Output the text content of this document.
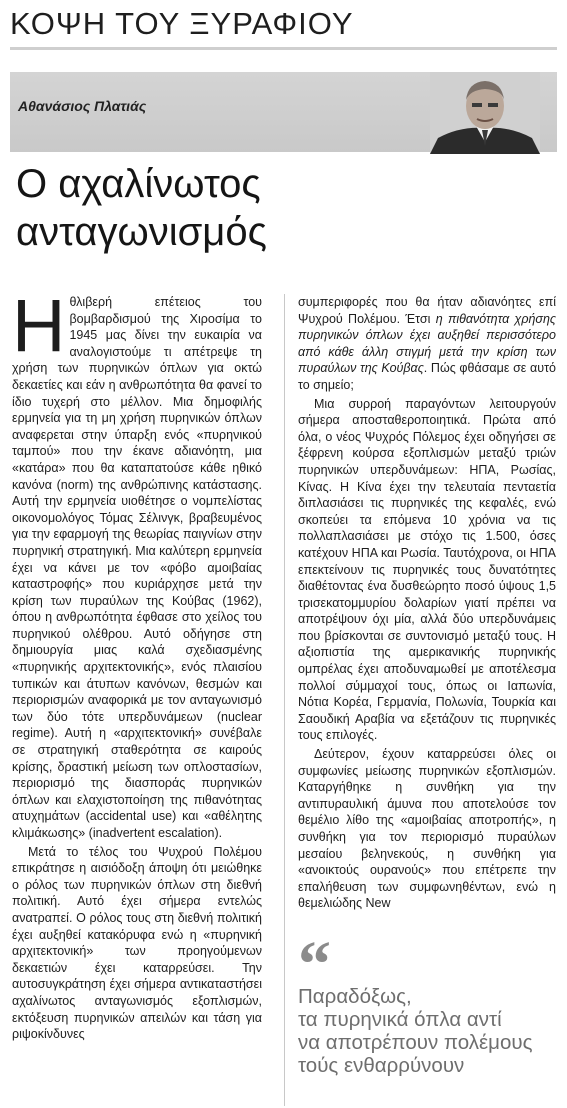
ΚΟΨΗ ΤΟΥ ΞΥΡΑΦΙΟΥ
Αθανάσιος Πλατιάς
Ο αχαλίνωτος
ανταγωνισμός

Ηθλιβερή επέτειος του βομβαρδισμού της Χιροσίμα το 1945 μας δίνει την ευκαιρία να αναλογιστούμε τι απέτρεψε τη χρήση των πυρηνικών όπλων για οκτώ δεκαετίες και εάν η ανθρωπότητα θα φανεί το ίδιο τυχερή στο μέλλον. Μια δημοφιλής ερμηνεία για τη μη χρήση πυρηνικών όπλων αναφερεται στην ύπαρξη ενός «πυρηνικού ταμπού» που την έκανε αδιανόητη, μια «κατάρα» που θα καταπατούσε κάθε ηθικό κανόνα (norm) της ανθρώπινης κατάστασης. Αυτή την ερμηνεία υιοθέτησε ο νομπελίστας οικονομολόγος Τόμας Σέλινγκ, βραβευμένος για την εφαρμογή της θεωρίας παιγνίων στην πυρηνική στρατηγική. Μια καλύτερη ερμηνεία έχει να κάνει με τον «φόβο αμοιβαίας καταστροφής» που κυριάρχησε μετά την κρίση των πυραύλων της Κούβας (1962), όπου η ανθρωπότητα έφθασε στο χείλος του πυρηνικού ολέθρου. Αυτό οδήγησε στη δημιουργία μιας καλά σχεδιασμένης «πυρηνικής αρχιτεκτονικής», ενός πλαισίου τυπικών και άτυπων κανόνων, θεσμών και περιορισμών αναφορικά με τον ανταγωνισμό των δύο τότε υπερδυνάμεων (nuclear regime). Αυτή η «αρχιτεκτονική» συνέβαλε σε στρατηγική σταθερότητα σε καιρούς κρίσης, δραστική μείωση των οπλοστασίων, περιορισμό της διασποράς πυρηνικών όπλων και ελαχιστοποίηση της πιθανότητας ατυχημάτων (accidental use) και «αθέλητης κλιμάκωσης» (inadvertent escalation).

Μετά το τέλος του Ψυχρού Πολέμου επικράτησε η αισιόδοξη άποψη ότι μειώθηκε ο ρόλος των πυρηνικών όπλων στη διεθνή πολιτική. Αυτό έχει σήμερα εντελώς ανατραπεί. Ο ρόλος τους στη διεθνή πολιτική έχει αυξηθεί κατακόρυφα ενώ η «πυρηνική αρχιτεκτονική» των προηγούμενων δεκαετιών έχει καταρρεύσει. Την αυτοσυγκράτηση έχει σήμερα αντικαταστήσει αχαλίνωτος ανταγωνισμός εξοπλισμών, εκτόξευση πυρηνικών απειλών και τάση για ριψοκίνδυνες

συμπεριφορές που θα ήταν αδιανόητες επί Ψυχρού Πολέμου. Έτσι η πιθανότητα χρήσης πυρηνικών όπλων έχει αυξηθεί περισσότερο από κάθε άλλη στιγμή μετά την κρίση των πυραύλων της Κούβας. Πώς φθάσαμε σε αυτό το σημείο;

Μια συρροή παραγόντων λειτουργούν σήμερα αποσταθεροποιητικά. Πρώτα από όλα, ο νέος Ψυχρός Πόλεμος έχει οδηγήσει σε ξέφρενη κούρσα εξοπλισμών μεταξύ τριών πυρηνικών υπερδυνάμεων: ΗΠΑ, Ρωσίας, Κίνας. Η Κίνα έχει την τελευταία πενταετία διπλασιάσει τις πυρηνικές της κεφαλές, ενώ σκοπεύει τα επόμενα 10 χρόνια να τις πολλαπλασιάσει με στόχο τις 1.500, όσες κατέχουν ΗΠΑ και Ρωσία. Ταυτόχρονα, οι ΗΠΑ επεκτείνουν τις πυρηνικές τους δυνατότητες διαθέτοντας ένα δυσθεώρητο ποσό ύψους 1,5 τρισεκατομμυρίου δολαρίων γιατί πρέπει να αποτρέψουν όχι μία, αλλά δύο υπερδυνάμεις που βρίσκονται σε συντονισμό μεταξύ τους. Η αξιοπιστία της αμερικανικής πυρηνικής ομπρέλας έχει αποδυναμωθεί με αποτέλεσμα πολλοί σύμμαχοί τους, όπως οι Ιαπωνία, Νότια Κορέα, Γερμανία, Πολωνία, Τουρκία και Σαουδική Αραβία να εξετάζουν τις πυρηνικές τους επιλογές.

Δεύτερον, έχουν καταρρεύσει όλες οι συμφωνίες μείωσης πυρηνικών εξοπλισμών. Καταργήθηκε η συνθήκη για την αντιπυραυλική άμυνα που αποτελούσε τον θεμέλιο λίθο της «αμοιβαίας αποτροπής», η συνθήκη για τον περιορισμό πυραύλων μεσαίου βεληνεκούς, η συνθήκη για «ανοικτούς ουρανούς» που επέτρεπε την επαλήθευση των συμφωνηθέντων, ενώ η θεμελιώδης New

“
Παραδόξως,
τα πυρηνικά όπλα αντί
να αποτρέπουν πολέμους
τούς ενθαρρύνουν
